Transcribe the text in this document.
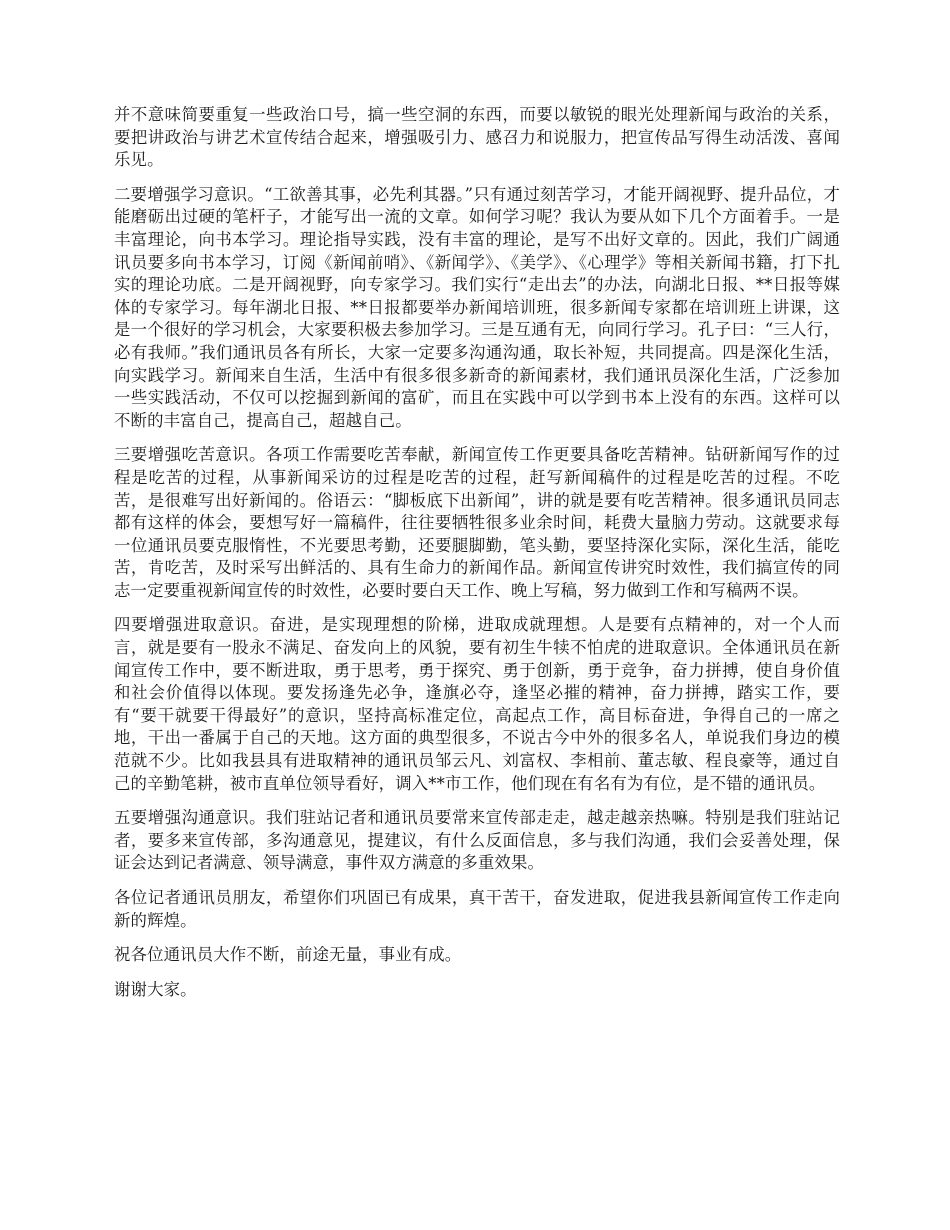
并不意味简要重复一些政治口号，搞一些空洞的东西，而要以敏锐的眼光处理新闻与政治的关系，要把讲政治与讲艺术宣传结合起来，增强吸引力、感召力和说服力，把宣传品写得生动活泼、喜闻乐见。

二要增强学习意识。“工欲善其事，必先利其器。”只有通过刻苦学习，才能开阔视野、提升品位，才能磨砺出过硬的笔杆子，才能写出一流的文章。如何学习呢？我认为要从如下几个方面着手。一是丰富理论，向书本学习。理论指导实践，没有丰富的理论，是写不出好文章的。因此，我们广阔通讯员要多向书本学习，订阅《新闻前哨》、《新闻学》、《美学》、《心理学》等相关新闻书籍，打下扎实的理论功底。二是开阔视野，向专家学习。我们实行“走出去”的办法，向湖北日报、**日报等媒体的专家学习。每年湖北日报、**日报都要举办新闻培训班，很多新闻专家都在培训班上讲课，这是一个很好的学习机会，大家要积极去参加学习。三是互通有无，向同行学习。孔子曰：“三人行，必有我师。”我们通讯员各有所长，大家一定要多沟通沟通，取长补短，共同提高。四是深化生活，向实践学习。新闻来自生活，生活中有很多很多新奇的新闻素材，我们通讯员深化生活，广泛参加一些实践活动，不仅可以挖掘到新闻的富矿，而且在实践中可以学到书本上没有的东西。这样可以不断的丰富自己，提高自己，超越自己。

三要增强吃苦意识。各项工作需要吃苦奉献，新闻宣传工作更要具备吃苦精神。钻研新闻写作的过程是吃苦的过程，从事新闻采访的过程是吃苦的过程，赶写新闻稿件的过程是吃苦的过程。不吃苦，是很难写出好新闻的。俗语云：“脚板底下出新闻”，讲的就是要有吃苦精神。很多通讯员同志都有这样的体会，要想写好一篇稿件，往往要牺牲很多业余时间，耗费大量脑力劳动。这就要求每一位通讯员要克服惰性，不光要思考勤，还要腿脚勤，笔头勤，要坚持深化实际，深化生活，能吃苦，肯吃苦，及时采写出鲜活的、具有生命力的新闻作品。新闻宣传讲究时效性，我们搞宣传的同志一定要重视新闻宣传的时效性，必要时要白天工作、晚上写稿，努力做到工作和写稿两不误。

四要增强进取意识。奋进，是实现理想的阶梯，进取成就理想。人是要有点精神的，对一个人而言，就是要有一股永不满足、奋发向上的风貌，要有初生牛犊不怕虎的进取意识。全体通讯员在新闻宣传工作中，要不断进取，勇于思考，勇于探究、勇于创新，勇于竞争，奋力拼搏，使自身价值和社会价值得以体现。要发扬逢先必争，逢旗必夺，逢坚必摧的精神，奋力拼搏，踏实工作，要有“要干就要干得最好”的意识，坚持高标准定位，高起点工作，高目标奋进，争得自己的一席之地，干出一番属于自己的天地。这方面的典型很多，不说古今中外的很多名人，单说我们身边的模范就不少。比如我县具有进取精神的通讯员邹云凡、刘富权、李相前、董志敏、程良豪等，通过自己的辛勤笔耕，被市直单位领导看好，调入**市工作，他们现在有名有为有位，是不错的通讯员。

五要增强沟通意识。我们驻站记者和通讯员要常来宣传部走走，越走越亲热嘛。特别是我们驻站记者，要多来宣传部，多沟通意见，提建议，有什么反面信息，多与我们沟通，我们会妥善处理，保证会达到记者满意、领导满意，事件双方满意的多重效果。

各位记者通讯员朋友，希望你们巩固已有成果，真干苦干，奋发进取，促进我县新闻宣传工作走向新的辉煌。

祝各位通讯员大作不断，前途无量，事业有成。

谢谢大家。
